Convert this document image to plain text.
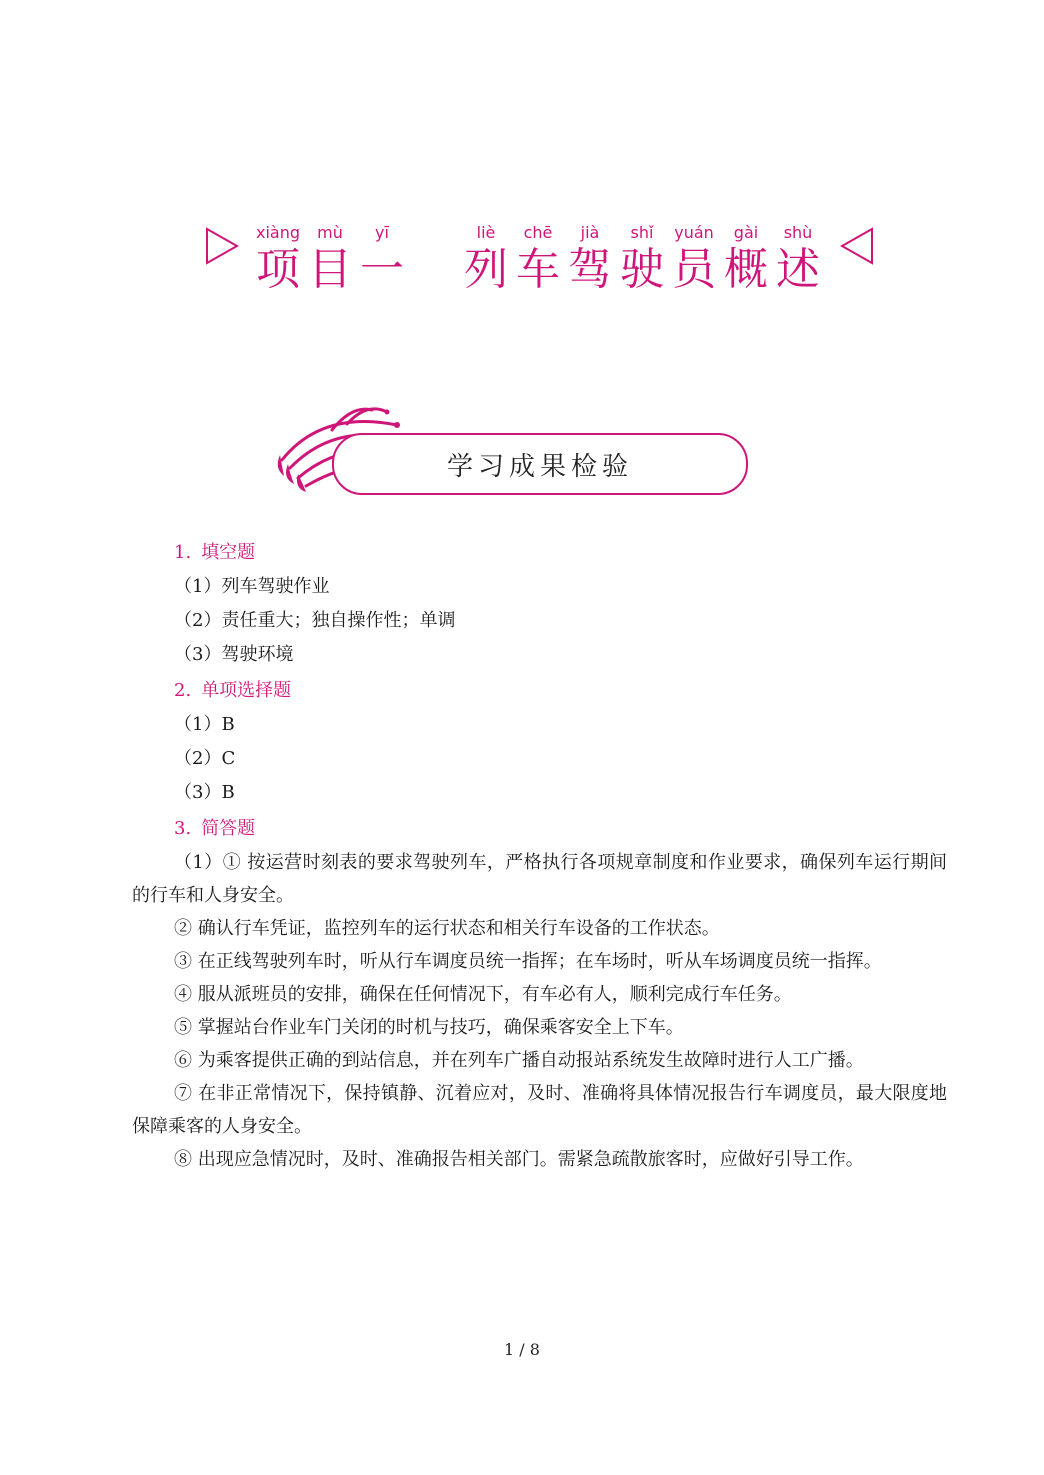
xiàng
项
mù
目
yī
一
liè
列
chē
车
jià
驾
shǐ
驶
yuán
员
gài
概
shù
述
学习成果检验
1. 填空题
（1）列车驾驶作业
（2）责任重大；独自操作性；单调
（3）驾驶环境
2. 单项选择题
（1）B
（2）C
（3）B
3. 简答题

（1）① 按运营时刻表的要求驾驶列车，严格执行各项规章制度和作业要求，确保列车运行期间的行车和人身安全。

② 确认行车凭证，监控列车的运行状态和相关行车设备的工作状态。

③ 在正线驾驶列车时，听从行车调度员统一指挥；在车场时，听从车场调度员统一指挥。

④ 服从派班员的安排，确保在任何情况下，有车必有人，顺利完成行车任务。

⑤ 掌握站台作业车门关闭的时机与技巧，确保乘客安全上下车。

⑥ 为乘客提供正确的到站信息，并在列车广播自动报站系统发生故障时进行人工广播。

⑦ 在非正常情况下，保持镇静、沉着应对，及时、准确将具体情况报告行车调度员，最大限度地保障乘客的人身安全。

⑧ 出现应急情况时，及时、准确报告相关部门。需紧急疏散旅客时，应做好引导工作。

1 / 8
